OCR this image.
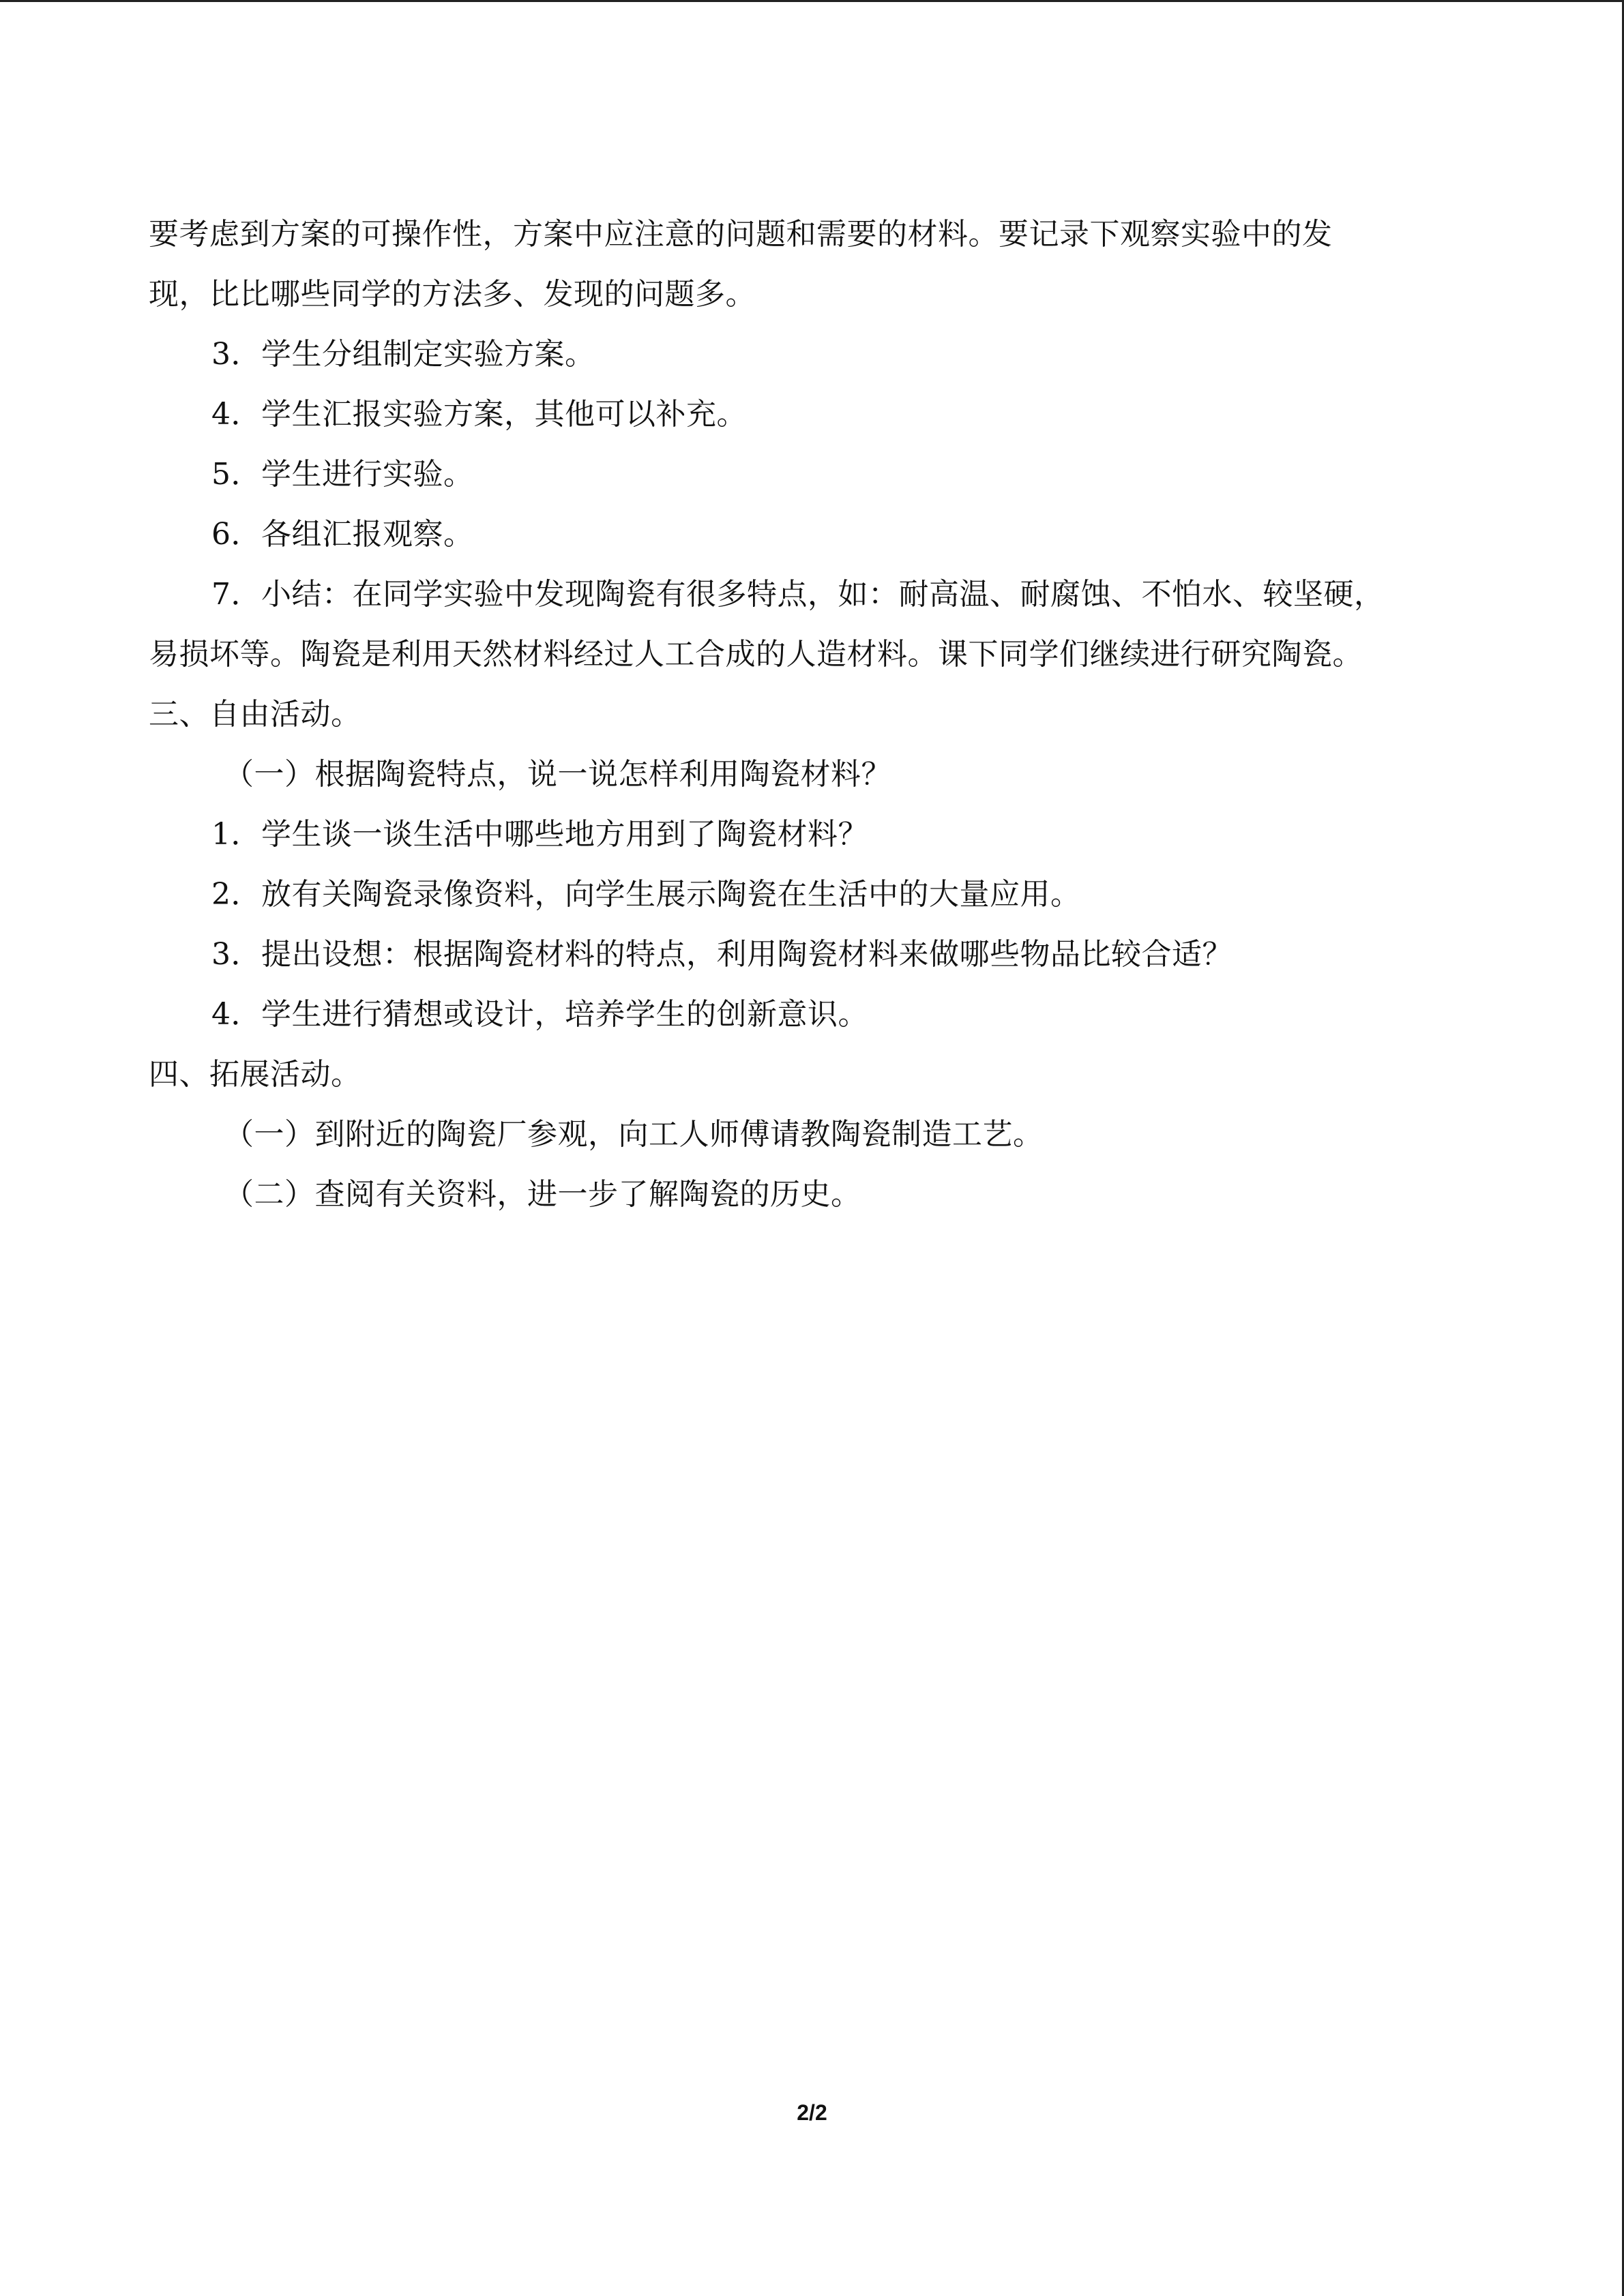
要考虑到方案的可操作性，方案中应注意的问题和需要的材料。要记录下观察实验中的发
现，比比哪些同学的方法多、发现的问题多。
3．学生分组制定实验方案。
4．学生汇报实验方案，其他可以补充。
5．学生进行实验。
6．各组汇报观察。
7．小结：在同学实验中发现陶瓷有很多特点，如：耐高温、耐腐蚀、不怕水、较坚硬，
易损坏等。陶瓷是利用天然材料经过人工合成的人造材料。课下同学们继续进行研究陶瓷。
三、自由活动。
（一）根据陶瓷特点，说一说怎样利用陶瓷材料？
1．学生谈一谈生活中哪些地方用到了陶瓷材料？
2．放有关陶瓷录像资料，向学生展示陶瓷在生活中的大量应用。
3．提出设想：根据陶瓷材料的特点，利用陶瓷材料来做哪些物品比较合适？
4．学生进行猜想或设计，培养学生的创新意识。
四、拓展活动。
（一）到附近的陶瓷厂参观，向工人师傅请教陶瓷制造工艺。
（二）查阅有关资料，进一步了解陶瓷的历史。
2/2
